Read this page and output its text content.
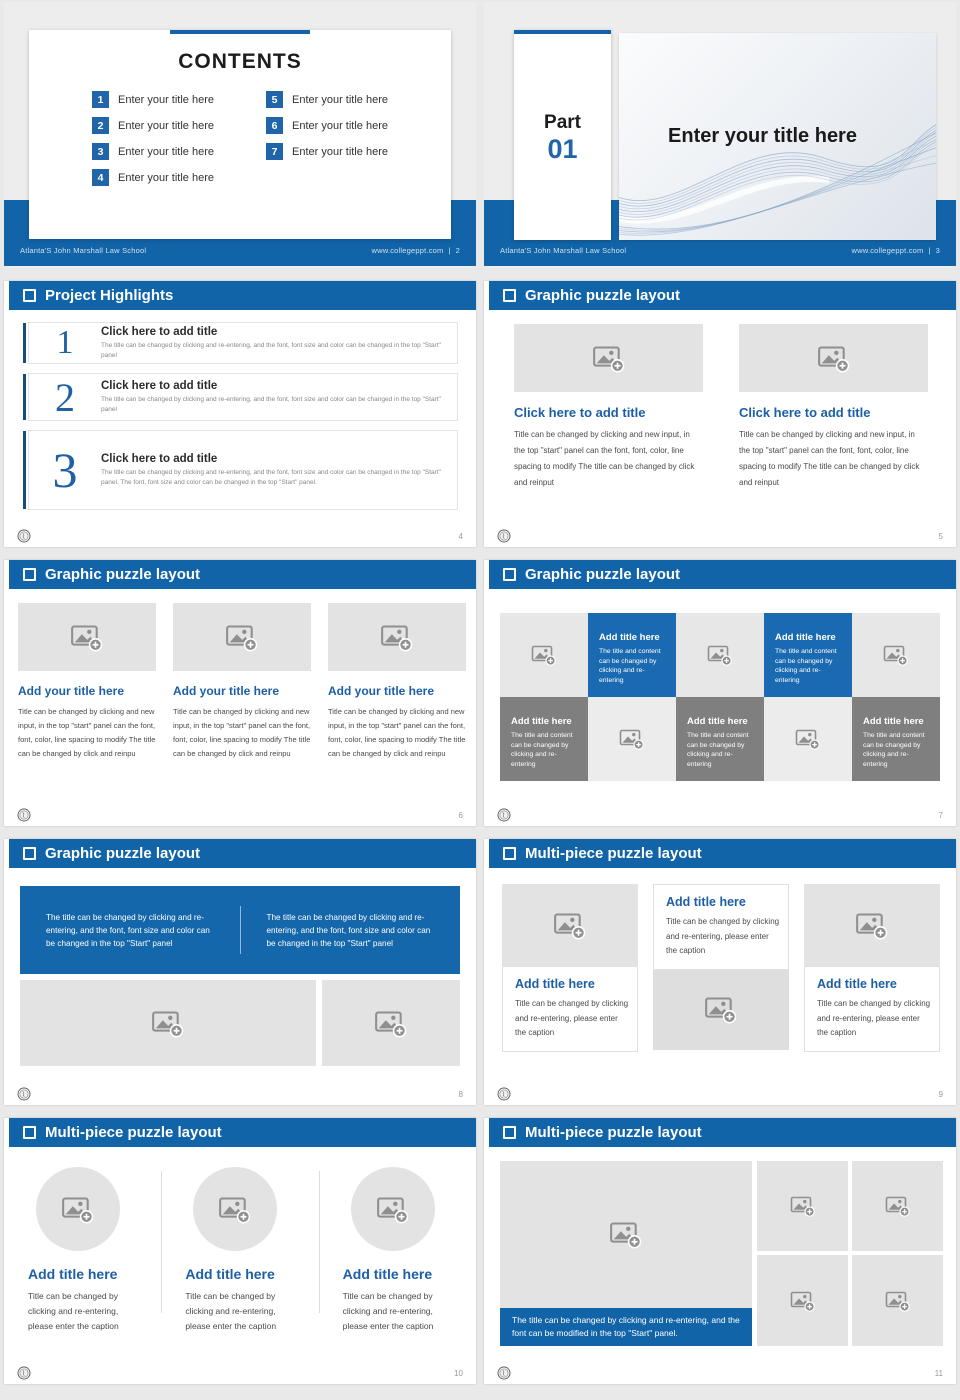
Atlanta'S John Marshall Law School	www.collegeppt.com | 2
CONTENTS
1	Enter your title here
2	Enter your title here
3	Enter your title here
4	Enter your title here
5	Enter your title here
6	Enter your title here
7	Enter your title here
Atlanta'S John Marshall Law School	www.collegeppt.com | 3
Part
01	Enter your title here
Project Highlights
1	Click here to add title
The title can be changed by clicking and re-entering, and the font, font size and color can be changed in the top "Start" panel
2	Click here to add title
The title can be changed by clicking and re-entering, and the font, font size and color can be changed in the top "Start" panel
3	Click here to add title
The title can be changed by clicking and re-entering, and the font, font size and color can be changed in the top "Start" panel. The font, font size and color can be changed in the top "Start" panel.
4
Graphic puzzle layout
Click here to add title
Title can be changed by clicking and new input, in the top "start" panel can the font, font, color, line spacing to modify The title can be changed by click and reinput
Click here to add title
Title can be changed by clicking and new input, in the top "start" panel can the font, font, color, line spacing to modify The title can be changed by click and reinput
5
Graphic puzzle layout
Add your title here
Title can be changed by clicking and new input, in the top "start" panel can the font, font, color, line spacing to modify The title can be changed by click and reinpu
Add your title here
Title can be changed by clicking and new input, in the top "start" panel can the font, font, color, line spacing to modify The title can be changed by click and reinpu
Add your title here
Title can be changed by clicking and new input, in the top "start" panel can the font, font, color, line spacing to modify The title can be changed by click and reinpu
6
Graphic puzzle layout
Add title here
The title and content can be changed by clicking and re-entering
Add title here
The title and content can be changed by clicking and re-entering
Add title here
The title and content can be changed by clicking and re-entering
Add title here
The title and content can be changed by clicking and re-entering
Add title here
The title and content can be changed by clicking and re-entering
7
Graphic puzzle layout
The title can be changed by clicking and re-entering, and the font, font size and color can be changed in the top "Start" panel
The title can be changed by clicking and re-entering, and the font, font size and color can be changed in the top "Start" panel
8
Multi-piece puzzle layout
Add title here
Title can be changed by clicking and re-entering, please enter the caption
Add title here
Title can be changed by clicking and re-entering, please enter the caption
Add title here
Title can be changed by clicking and re-entering, please enter the caption
9
Multi-piece puzzle layout
Add title here
Title can be changed by clicking and re-entering, please enter the caption
Add title here
Title can be changed by clicking and re-entering, please enter the caption
Add title here
Title can be changed by clicking and re-entering, please enter the caption
10
Multi-piece puzzle layout
The title can be changed by clicking and re-entering, and the font can be modified in the top "Start" panel.
11
